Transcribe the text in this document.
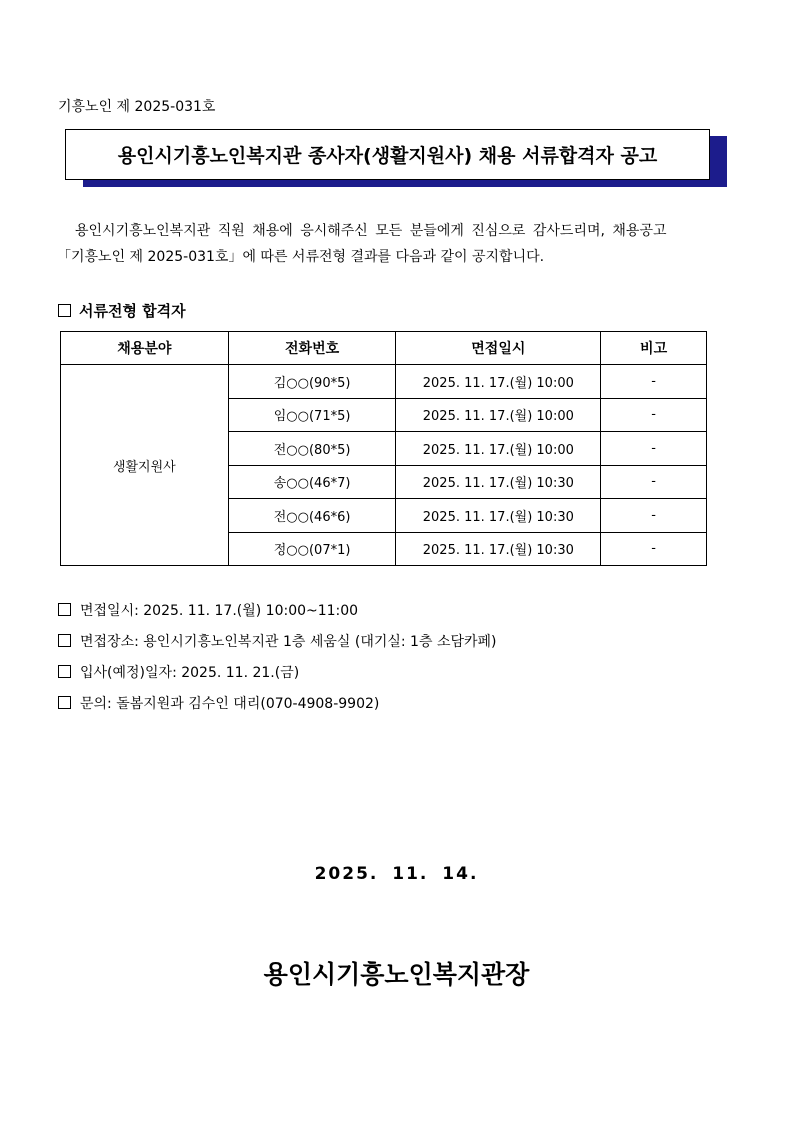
기흥노인 제 2025-031호
용인시기흥노인복지관 종사자(생활지원사) 채용 서류합격자 공고

용인시기흥노인복지관 직원 채용에 응시해주신 모든 분들에게 진심으로 감사드리며, 채용공고

「기흥노인 제 2025-031호」에 따른 서류전형 결과를 다음과 같이 공지합니다.

서류전형 합격자
채용분야	전화번호	면접일시	비고
생활지원사	김○○(90*5)	2025. 11. 17.(월) 10:00	-
	임○○(71*5)	2025. 11. 17.(월) 10:00	-
	전○○(80*5)	2025. 11. 17.(월) 10:00	-
	송○○(46*7)	2025. 11. 17.(월) 10:30	-
	전○○(46*6)	2025. 11. 17.(월) 10:30	-
	정○○(07*1)	2025. 11. 17.(월) 10:30	-
면접일시: 2025. 11. 17.(월) 10:00~11:00
면접장소: 용인시기흥노인복지관 1층 세움실 (대기실: 1층 소담카페)
입사(예정)일자: 2025. 11. 21.(금)
문의: 돌봄지원과 김수인 대리(070-4908-9902)
2025. 11. 14.
용인시기흥노인복지관장
